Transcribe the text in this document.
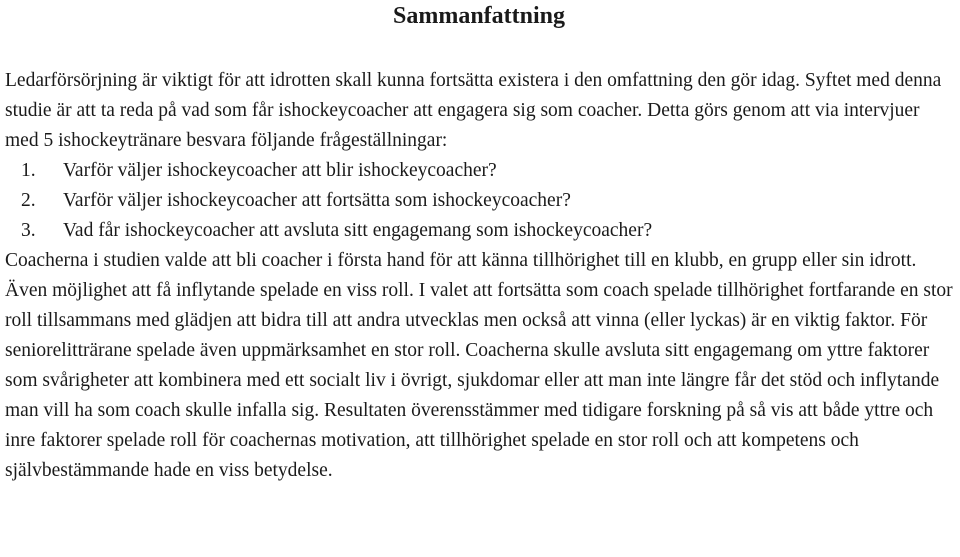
Sammanfattning

Ledarförsörjning är viktigt för att idrotten skall kunna fortsätta existera i den omfattning den gör idag. Syftet med denna studie är att ta reda på vad som får ishockeycoacher att engagera sig som coacher. Detta görs genom att via intervjuer med 5 ishockeytränare besvara följande frågeställningar:

1. Varför väljer ishockeycoacher att blir ishockeycoacher?
2. Varför väljer ishockeycoacher att fortsätta som ishockeycoacher?
3. Vad får ishockeycoacher att avsluta sitt engagemang som ishockeycoacher?

Coacherna i studien valde att bli coacher i första hand för att känna tillhörighet till en klubb, en grupp eller sin idrott. Även möjlighet att få inflytande spelade en viss roll. I valet att fortsätta som coach spelade tillhörighet fortfarande en stor roll tillsammans med glädjen att bidra till att andra utvecklas men också att vinna (eller lyckas) är en viktig faktor. För seniorelitträrane spelade även uppmärksamhet en stor roll. Coacherna skulle avsluta sitt engagemang om yttre faktorer som svårigheter att kombinera med ett socialt liv i övrigt, sjukdomar eller att man inte längre får det stöd och inflytande man vill ha som coach skulle infalla sig. Resultaten överensstämmer med tidigare forskning på så vis att både yttre och inre faktorer spelade roll för coachernas motivation, att tillhörighet spelade en stor roll och att kompetens och självbestämmande hade en viss betydelse.
